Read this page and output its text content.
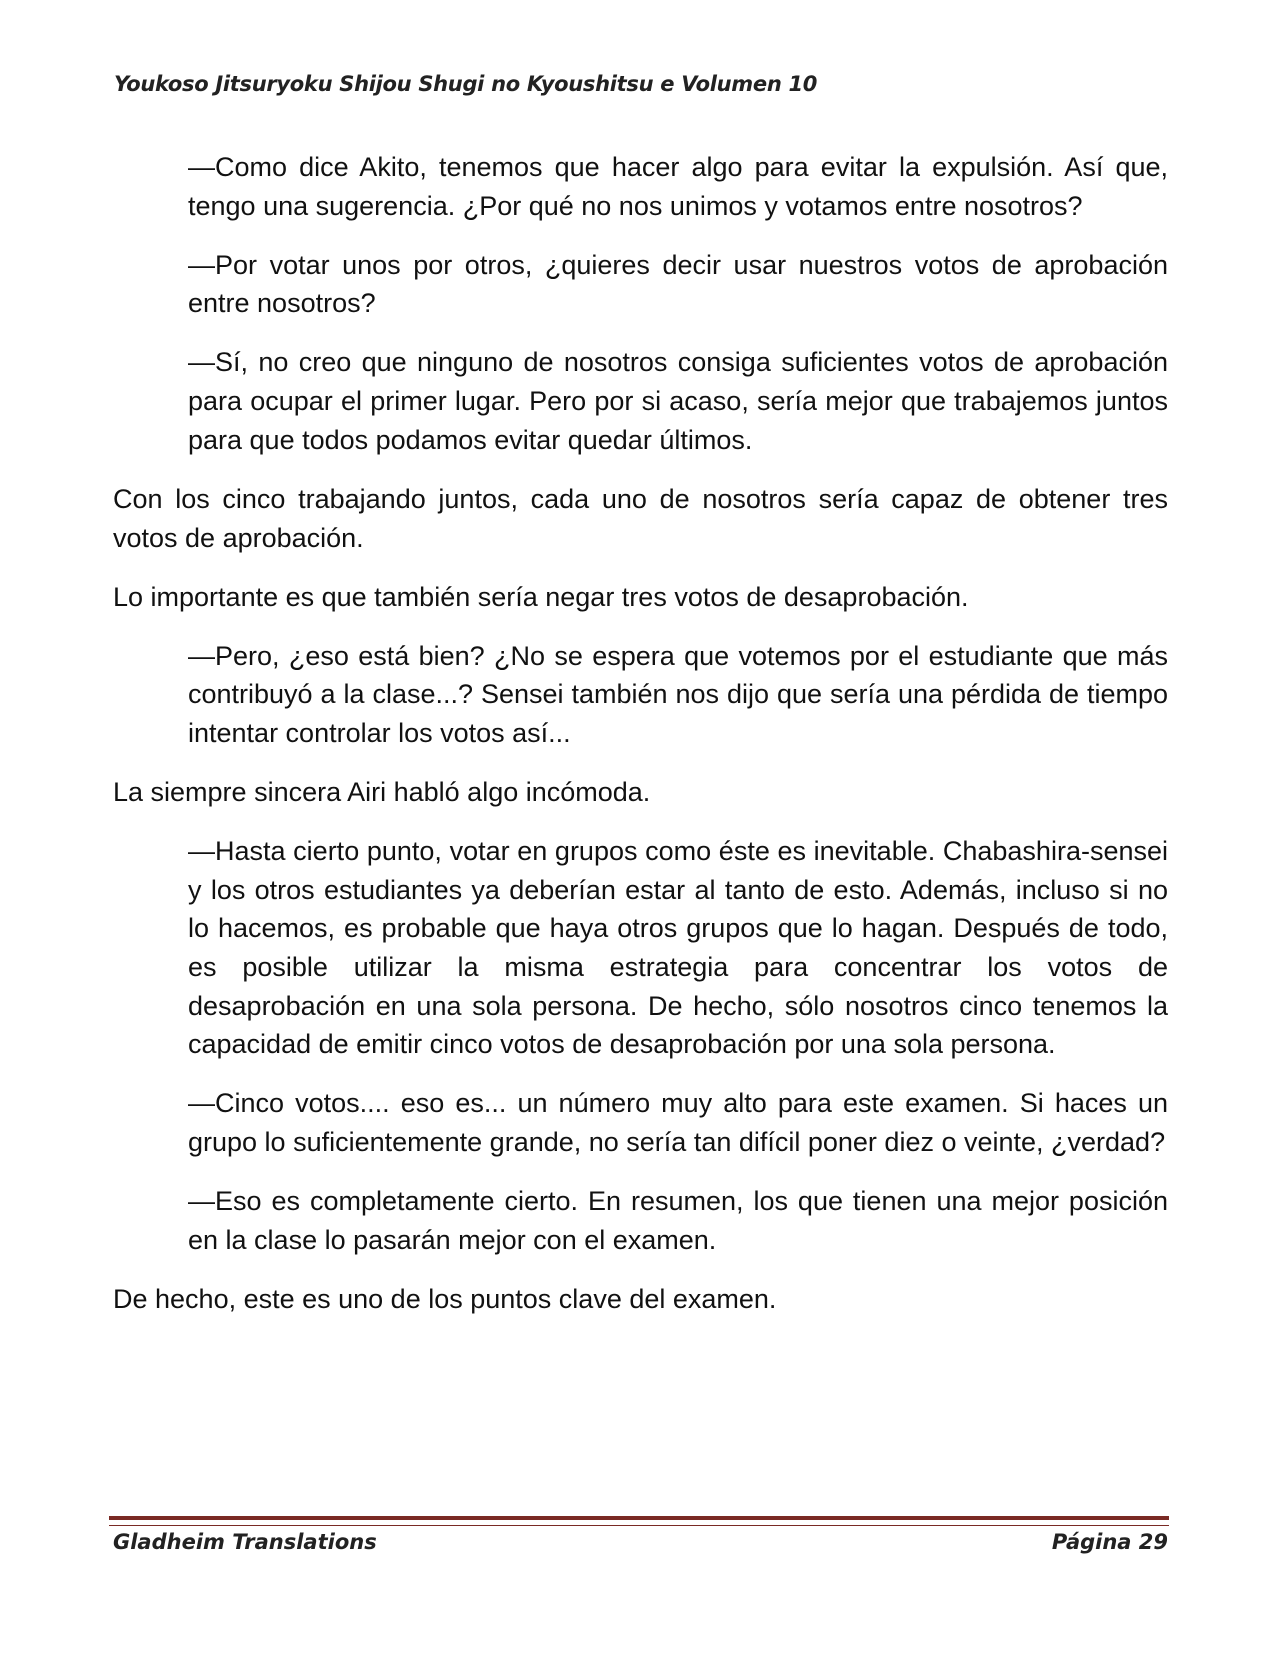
Youkoso Jitsuryoku Shijou Shugi no Kyoushitsu e Volumen 10

—Como dice Akito, tenemos que hacer algo para evitar la expulsión. Así que, tengo una sugerencia. ¿Por qué no nos unimos y votamos entre nosotros?

—Por votar unos por otros, ¿quieres decir usar nuestros votos de aprobación entre nosotros?

—Sí, no creo que ninguno de nosotros consiga suficientes votos de aprobación para ocupar el primer lugar. Pero por si acaso, sería mejor que trabajemos juntos para que todos podamos evitar quedar últimos.

Con los cinco trabajando juntos, cada uno de nosotros sería capaz de obtener tres votos de aprobación.

Lo importante es que también sería negar tres votos de desaprobación.

—Pero, ¿eso está bien? ¿No se espera que votemos por el estudiante que más contribuyó a la clase...? Sensei también nos dijo que sería una pérdida de tiempo intentar controlar los votos así...

La siempre sincera Airi habló algo incómoda.

—Hasta cierto punto, votar en grupos como éste es inevitable. Chabashira-sensei y los otros estudiantes ya deberían estar al tanto de esto. Además, incluso si no lo hacemos, es probable que haya otros grupos que lo hagan. Después de todo, es posible utilizar la misma estrategia para concentrar los votos de desaprobación en una sola persona. De hecho, sólo nosotros cinco tenemos la capacidad de emitir cinco votos de desaprobación por una sola persona.

—Cinco votos.... eso es... un número muy alto para este examen. Si haces un grupo lo suficientemente grande, no sería tan difícil poner diez o veinte, ¿verdad?

—Eso es completamente cierto. En resumen, los que tienen una mejor posición en la clase lo pasarán mejor con el examen.

De hecho, este es uno de los puntos clave del examen.

Gladheim Translations	Página 29
